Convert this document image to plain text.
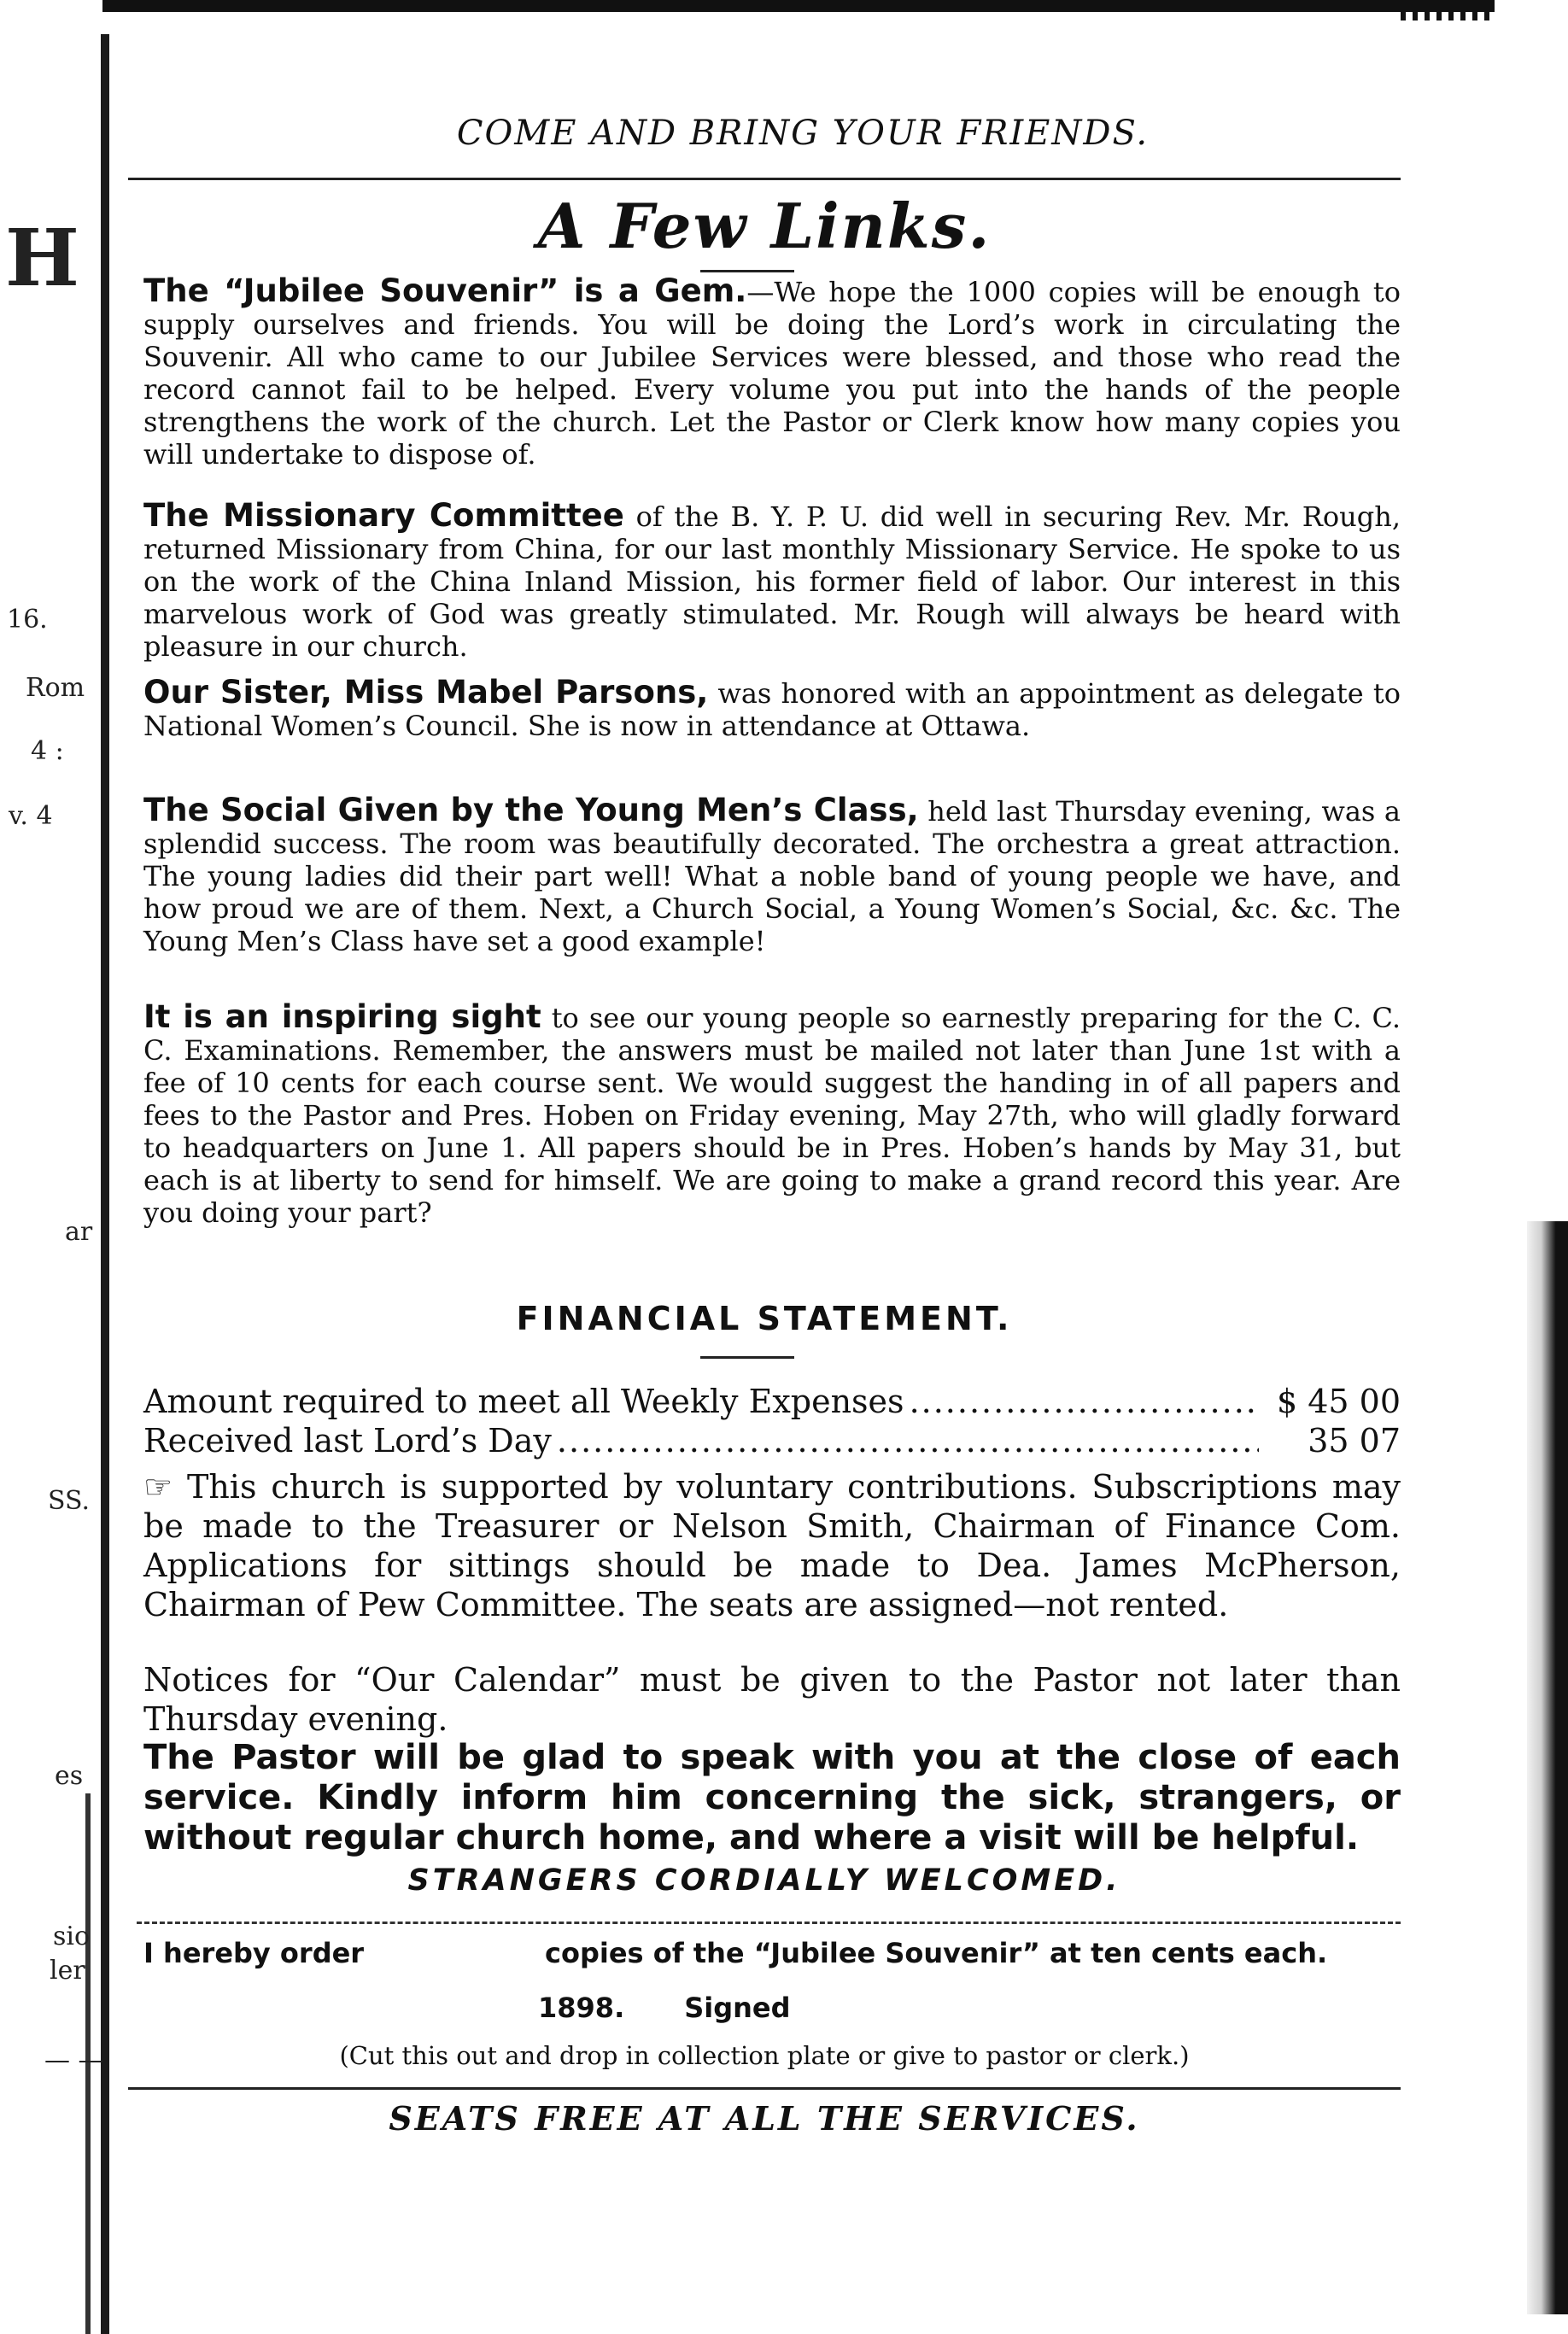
H
16.
Rom
4 :
v. 4
ar
SS.
es
sio
ler
— —
COME AND BRING YOUR FRIENDS.
A Few Links.
The “Jubilee Souvenir” is a Gem.—We hope the 1000 copies will be enough to supply ourselves and friends. You will be doing the Lord’s work in circulating the Souvenir. All who came to our Jubilee Services were blessed, and those who read the record cannot fail to be helped. Every volume you put into the hands of the people strengthens the work of the church. Let the Pastor or Clerk know how many copies you will undertake to dispose of.
The Missionary Committee of the B. Y. P. U. did well in securing Rev. Mr. Rough, returned Missionary from China, for our last monthly Missionary Service. He spoke to us on the work of the China Inland Mission, his former field of labor. Our interest in this marvelous work of God was greatly stimulated. Mr. Rough will always be heard with pleasure in our church.
Our Sister, Miss Mabel Parsons, was honored with an appointment as delegate to National Women’s Council. She is now in attendance at Ottawa.
The Social Given by the Young Men’s Class, held last Thursday evening, was a splendid success. The room was beautifully decorated. The orchestra a great attraction. The young ladies did their part well! What a noble band of young people we have, and how proud we are of them. Next, a Church Social, a Young Women’s Social, &c. &c. The Young Men’s Class have set a good example!
It is an inspiring sight to see our young people so earnestly preparing for the C. C. C. Examinations. Remember, the answers must be mailed not later than June 1st with a fee of 10 cents for each course sent. We would suggest the handing in of all papers and fees to the Pastor and Pres. Hoben on Friday evening, May 27th, who will gladly forward to headquarters on June 1. All papers should be in Pres. Hoben’s hands by May 31, but each is at liberty to send for himself. We are going to make a grand record this year. Are you doing your part?
FINANCIAL STATEMENT.
Amount required to meet all Weekly Expenses .....	$ 45 00
Received last Lord’s Day .....	35 07
☞ This church is supported by voluntary contributions. Subscriptions may be made to the Treasurer or Nelson Smith, Chairman of Finance Com. Applications for sittings should be made to Dea. James McPherson, Chairman of Pew Committee. The seats are assigned—not rented.
Notices for “Our Calendar” must be given to the Pastor not later than Thursday evening.
The Pastor will be glad to speak with you at the close of each service. Kindly inform him concerning the sick, strangers, or without regular church home, and where a visit will be helpful.
STRANGERS CORDIALLY WELCOMED.
I hereby order	copies of the “Jubilee Souvenir” at ten cents each.
1898. Signed
(Cut this out and drop in collection plate or give to pastor or clerk.)
SEATS FREE AT ALL THE SERVICES.
